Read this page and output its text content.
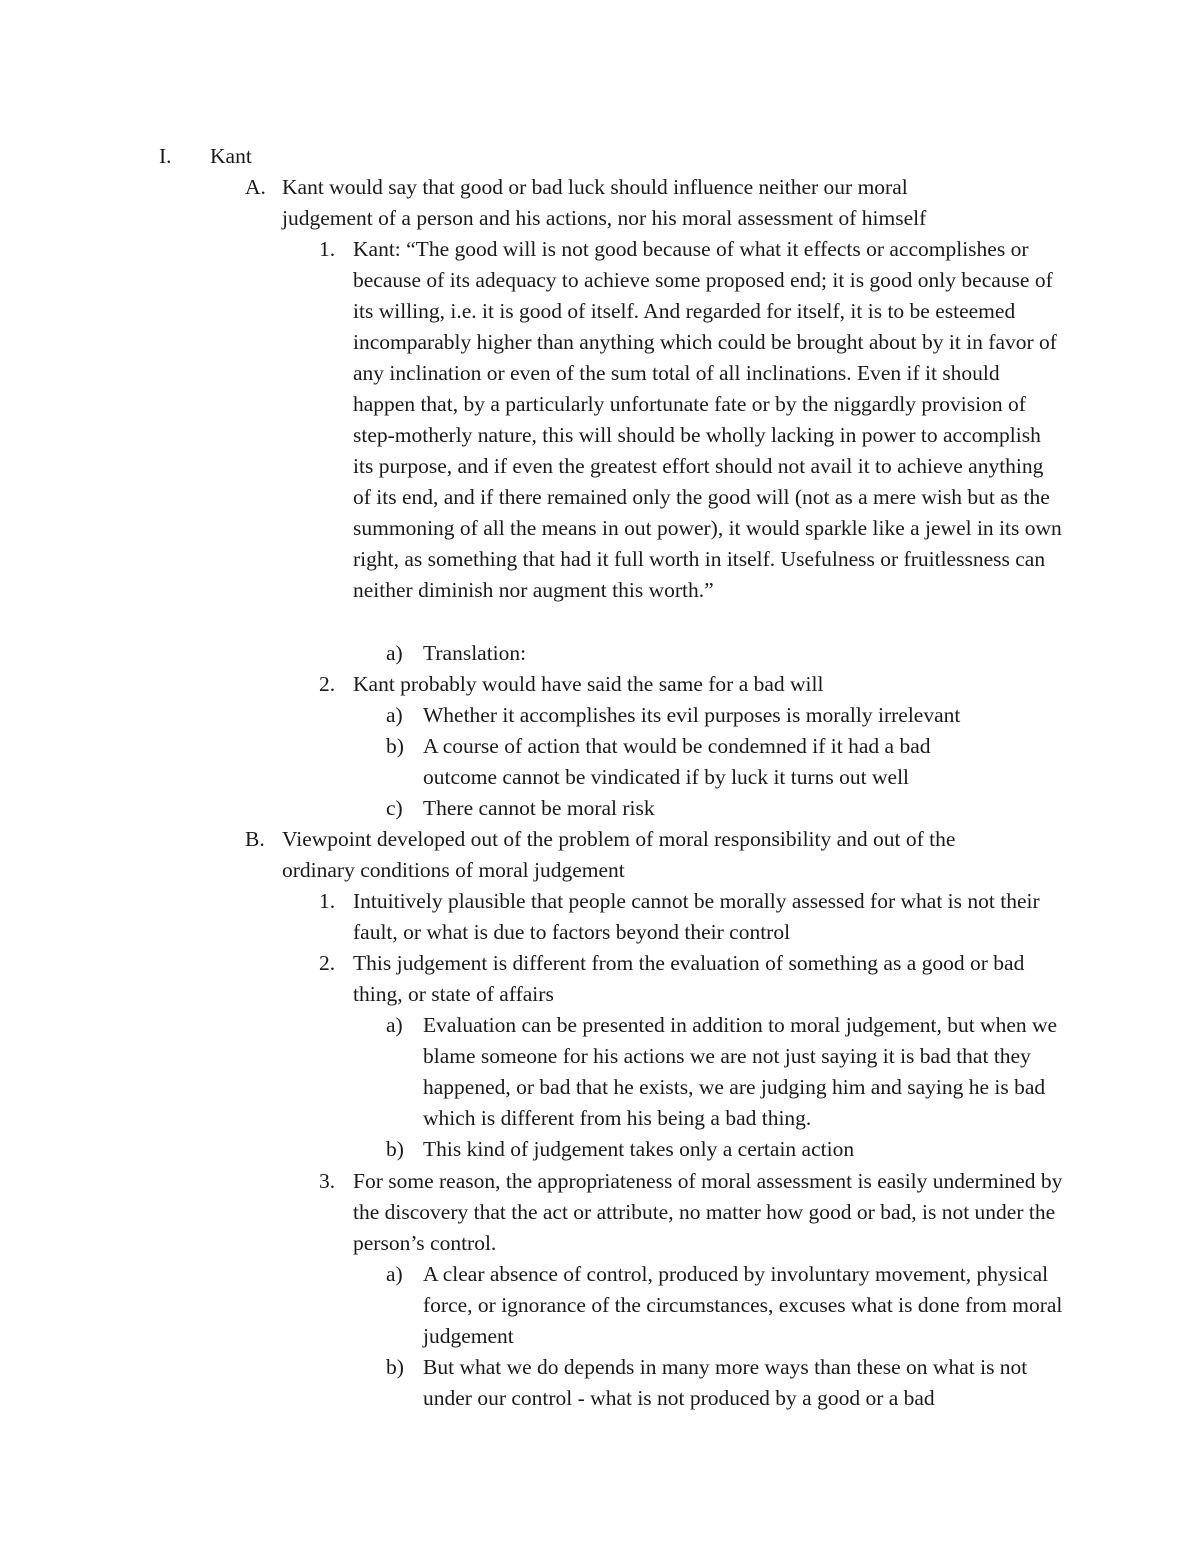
I. Kant
A. Kant would say that good or bad luck should influence neither our moral judgement of a person and his actions, nor his moral assessment of himself
1. Kant: “The good will is not good because of what it effects or accomplishes or because of its adequacy to achieve some proposed end; it is good only because of its willing, i.e. it is good of itself. And regarded for itself, it is to be esteemed incomparably higher than anything which could be brought about by it in favor of any inclination or even of the sum total of all inclinations. Even if it should happen that, by a particularly unfortunate fate or by the niggardly provision of step-motherly nature, this will should be wholly lacking in power to accomplish its purpose, and if even the greatest effort should not avail it to achieve anything of its end, and if there remained only the good will (not as a mere wish but as the summoning of all the means in out power), it would sparkle like a jewel in its own right, as something that had it full worth in itself. Usefulness or fruitlessness can neither diminish nor augment this worth.”
a) Translation:
2. Kant probably would have said the same for a bad will
a) Whether it accomplishes its evil purposes is morally irrelevant
b) A course of action that would be condemned if it had a bad outcome cannot be vindicated if by luck it turns out well
c) There cannot be moral risk
B. Viewpoint developed out of the problem of moral responsibility and out of the ordinary conditions of moral judgement
1. Intuitively plausible that people cannot be morally assessed for what is not their fault, or what is due to factors beyond their control
2. This judgement is different from the evaluation of something as a good or bad thing, or state of affairs
a) Evaluation can be presented in addition to moral judgement, but when we blame someone for his actions we are not just saying it is bad that they happened, or bad that he exists, we are judging him and saying he is bad which is different from his being a bad thing.
b) This kind of judgement takes only a certain action
3. For some reason, the appropriateness of moral assessment is easily undermined by the discovery that the act or attribute, no matter how good or bad, is not under the person’s control.
a) A clear absence of control, produced by involuntary movement, physical force, or ignorance of the circumstances, excuses what is done from moral judgement
b) But what we do depends in many more ways than these on what is not under our control - what is not produced by a good or a bad
